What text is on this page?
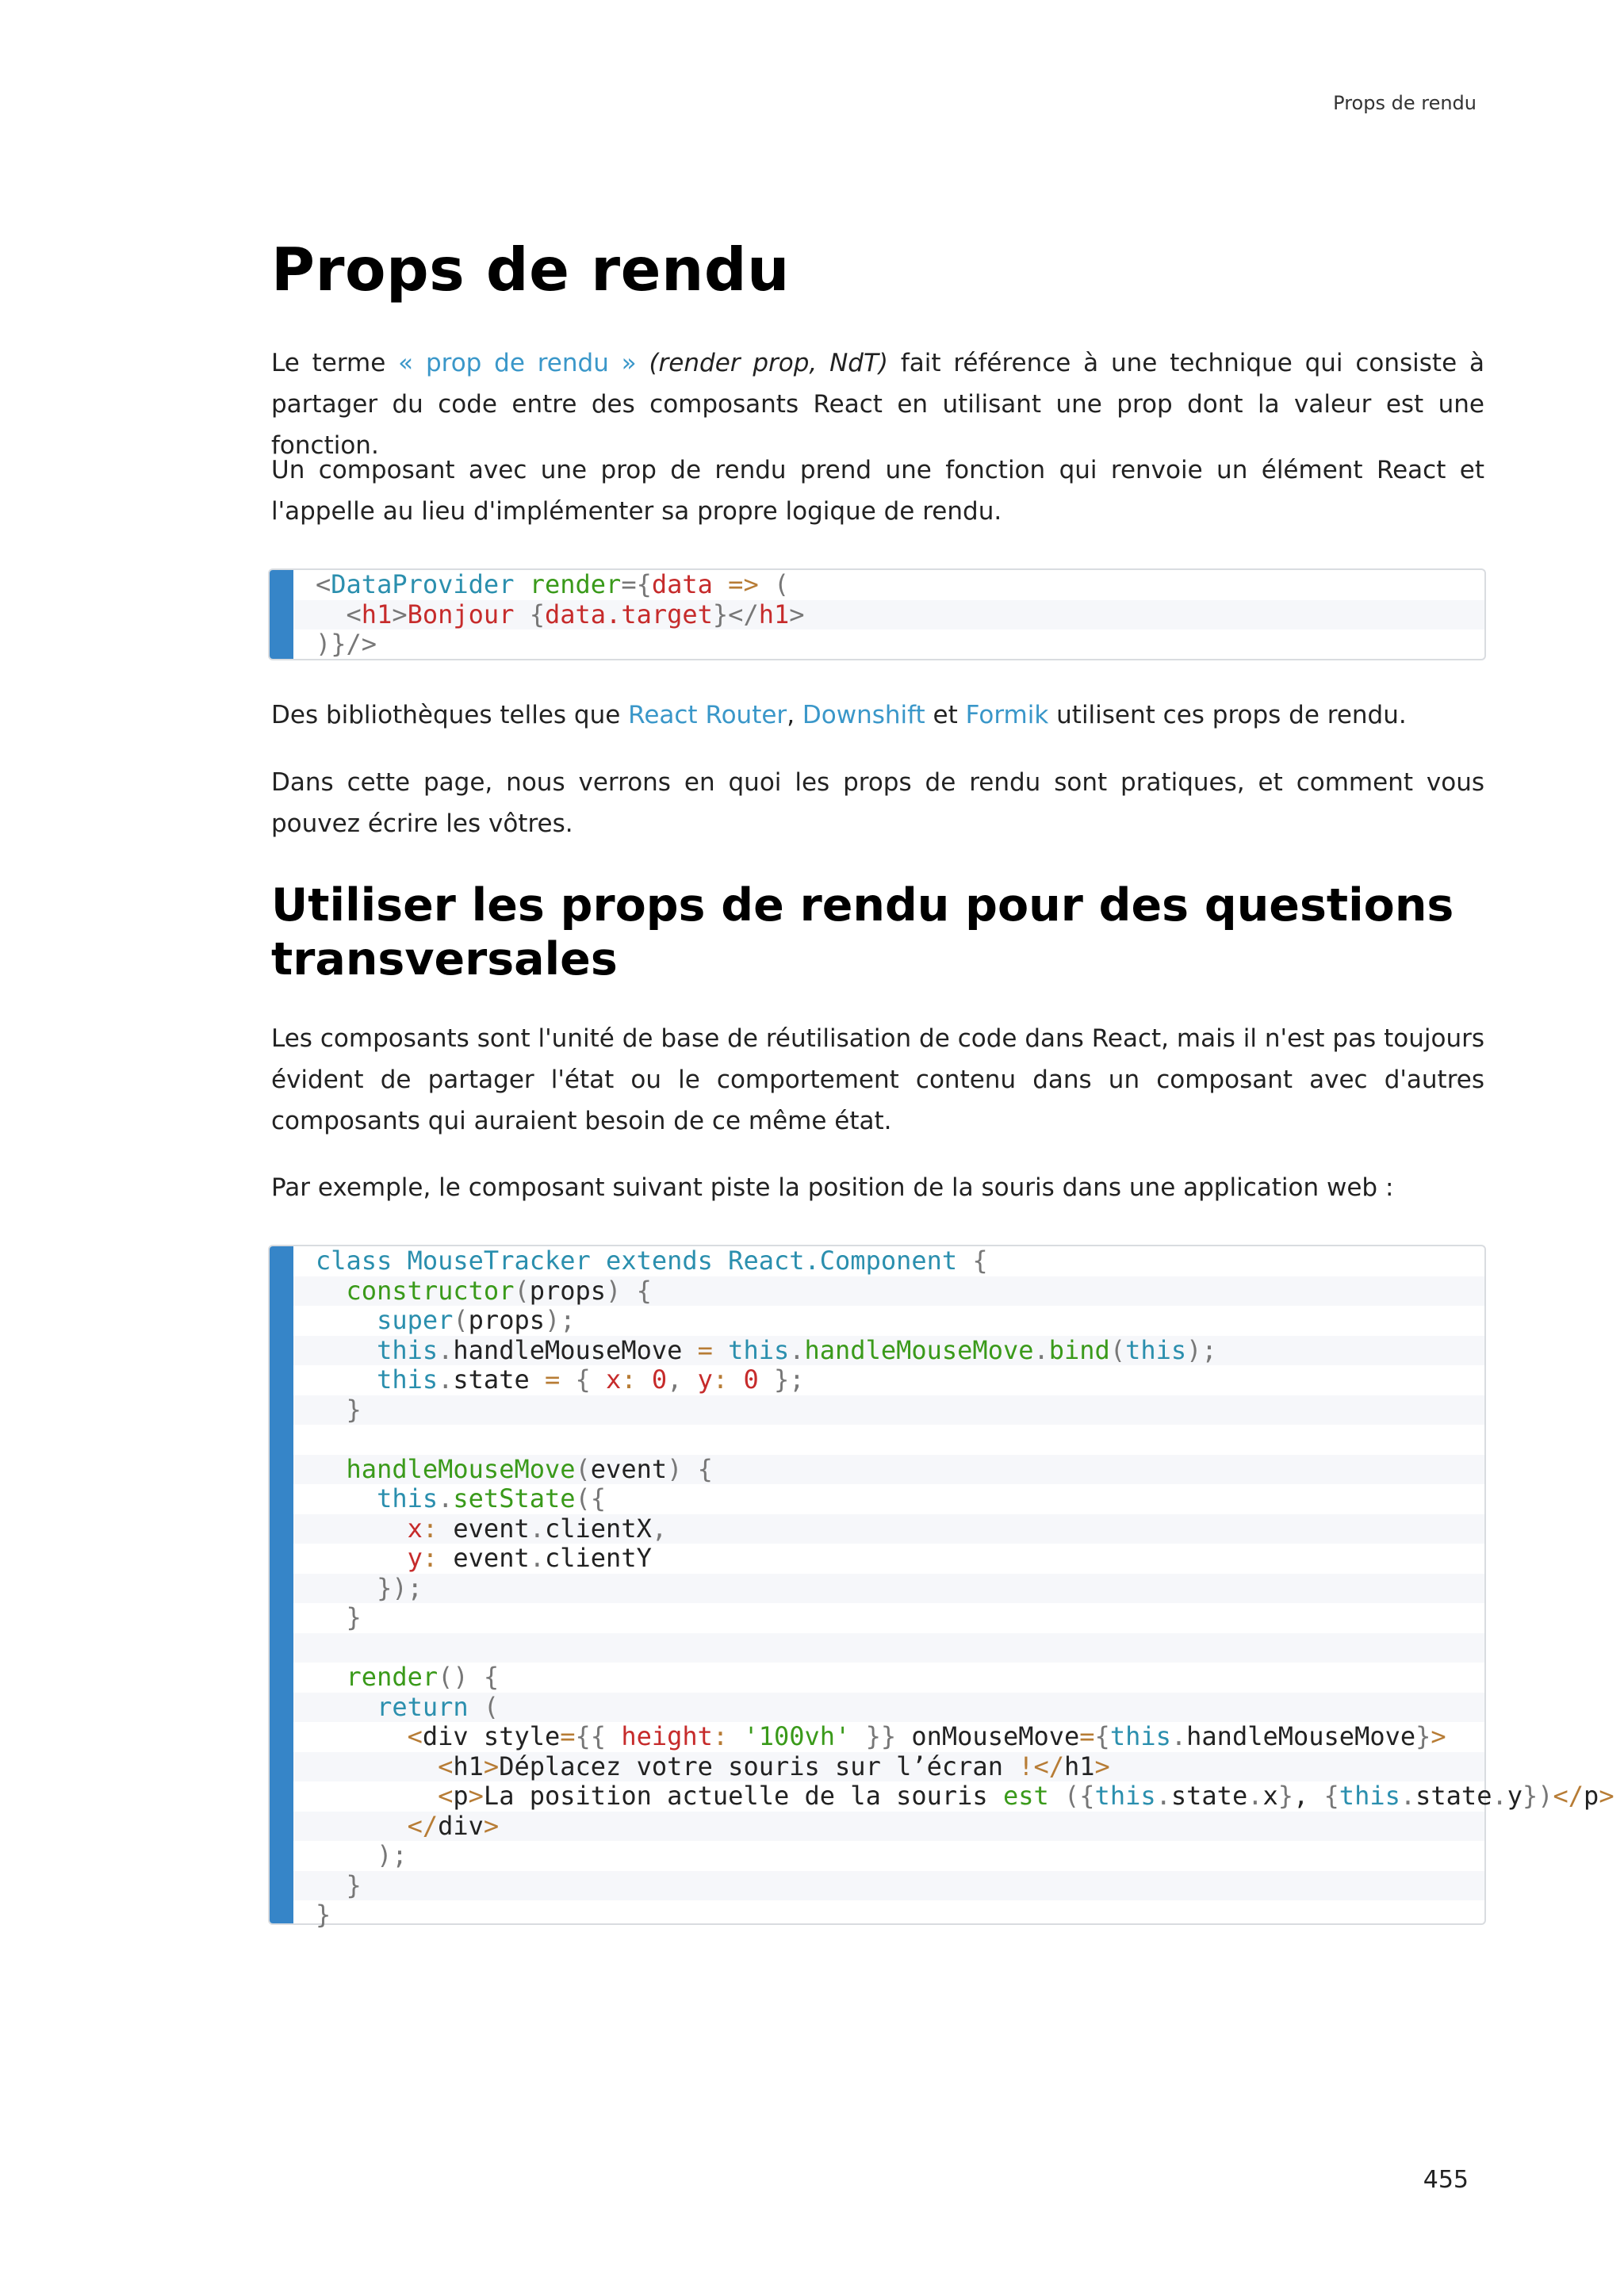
Props de rendu
Props de rendu

Le terme « prop de rendu » (render prop, NdT) fait référence à une technique qui consiste à partager du code entre des composants React en utilisant une prop dont la valeur est une fonction.

Un composant avec une prop de rendu prend une fonction qui renvoie un élément React et l'appelle au lieu d'implémenter sa propre logique de rendu.

<DataProvider render={data => (
<h1>Bonjour {data.target}</h1>
)}/>

Des bibliothèques telles que React Router, Downshift et Formik utilisent ces props de rendu.

Dans cette page, nous verrons en quoi les props de rendu sont pratiques, et comment vous pouvez écrire les vôtres.

Utiliser les props de rendu pour des questions transversales

Les composants sont l'unité de base de réutilisation de code dans React, mais il n'est pas toujours évident de partager l'état ou le comportement contenu dans un composant avec d'autres composants qui auraient besoin de ce même état.

Par exemple, le composant suivant piste la position de la souris dans une application web :

class MouseTracker extends React.Component {
constructor(props) {
super(props);
this.handleMouseMove = this.handleMouseMove.bind(this);
this.state = { x: 0, y: 0 };
}
handleMouseMove(event) {
this.setState({
x: event.clientX,
y: event.clientY
});
}
render() {
return (
<div style={{ height: '100vh' }} onMouseMove={this.handleMouseMove}>
<h1>Déplacez votre souris sur l’écran !</h1>
<p>La position actuelle de la souris est ({this.state.x}, {this.state.y})</p>
</div>
);
}
}
455
